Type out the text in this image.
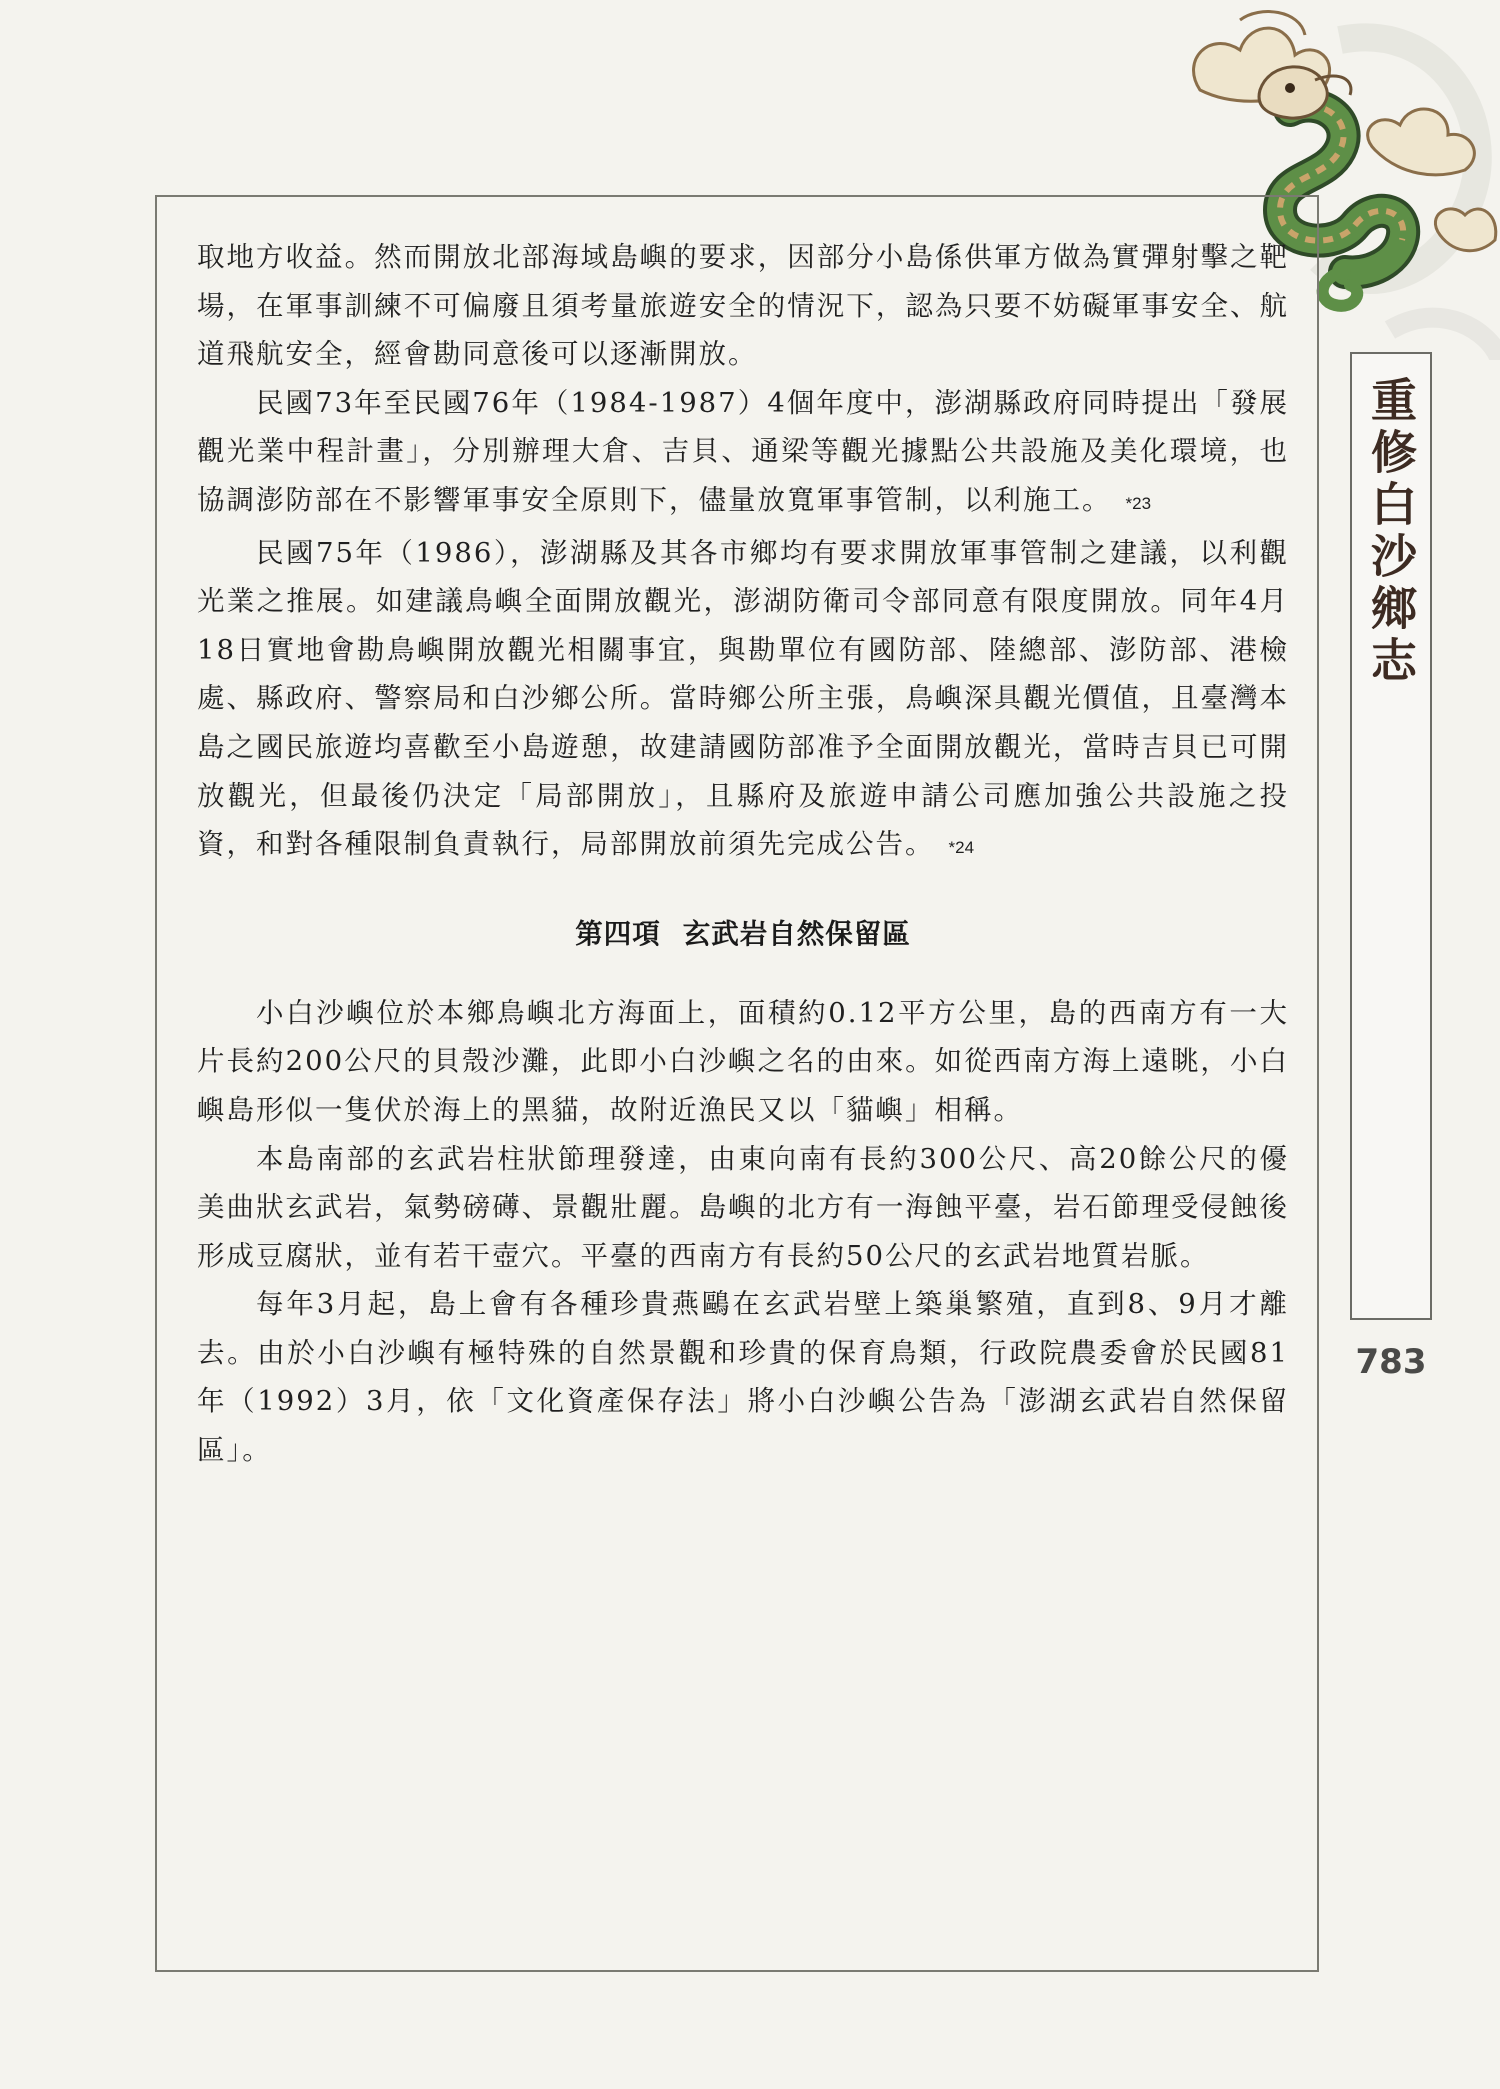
取地方收益。然而開放北部海域島嶼的要求，因部分小島係供軍方做為實彈射擊之靶場，在軍事訓練不可偏廢且須考量旅遊安全的情況下，認為只要不妨礙軍事安全、航道飛航安全，經會勘同意後可以逐漸開放。

民國73年至民國76年（1984-1987）4個年度中，澎湖縣政府同時提出「發展觀光業中程計畫」，分別辦理大倉、吉貝、通梁等觀光據點公共設施及美化環境，也協調澎防部在不影響軍事安全原則下，儘量放寬軍事管制，以利施工。 *23

民國75年（1986），澎湖縣及其各市鄉均有要求開放軍事管制之建議，以利觀光業之推展。如建議鳥嶼全面開放觀光，澎湖防衛司令部同意有限度開放。同年4月18日實地會勘鳥嶼開放觀光相關事宜，與勘單位有國防部、陸總部、澎防部、港檢處、縣政府、警察局和白沙鄉公所。當時鄉公所主張，鳥嶼深具觀光價值，且臺灣本島之國民旅遊均喜歡至小島遊憩，故建請國防部准予全面開放觀光，當時吉貝已可開放觀光，但最後仍決定「局部開放」，且縣府及旅遊申請公司應加強公共設施之投資，和對各種限制負責執行，局部開放前須先完成公告。 *24

第四項 玄武岩自然保留區

小白沙嶼位於本鄉鳥嶼北方海面上，面積約0.12平方公里，島的西南方有一大片長約200公尺的貝殼沙灘，此即小白沙嶼之名的由來。如從西南方海上遠眺，小白嶼島形似一隻伏於海上的黑貓，故附近漁民又以「貓嶼」相稱。

本島南部的玄武岩柱狀節理發達，由東向南有長約300公尺、高20餘公尺的優美曲狀玄武岩，氣勢磅礡、景觀壯麗。島嶼的北方有一海蝕平臺，岩石節理受侵蝕後形成豆腐狀，並有若干壺穴。平臺的西南方有長約50公尺的玄武岩地質岩脈。

每年3月起，島上會有各種珍貴燕鷗在玄武岩壁上築巢繁殖，直到8、9月才離去。由於小白沙嶼有極特殊的自然景觀和珍貴的保育鳥類，行政院農委會於民國81年（1992）3月，依「文化資產保存法」將小白沙嶼公告為「澎湖玄武岩自然保留區」。

重修白沙鄉志
783
